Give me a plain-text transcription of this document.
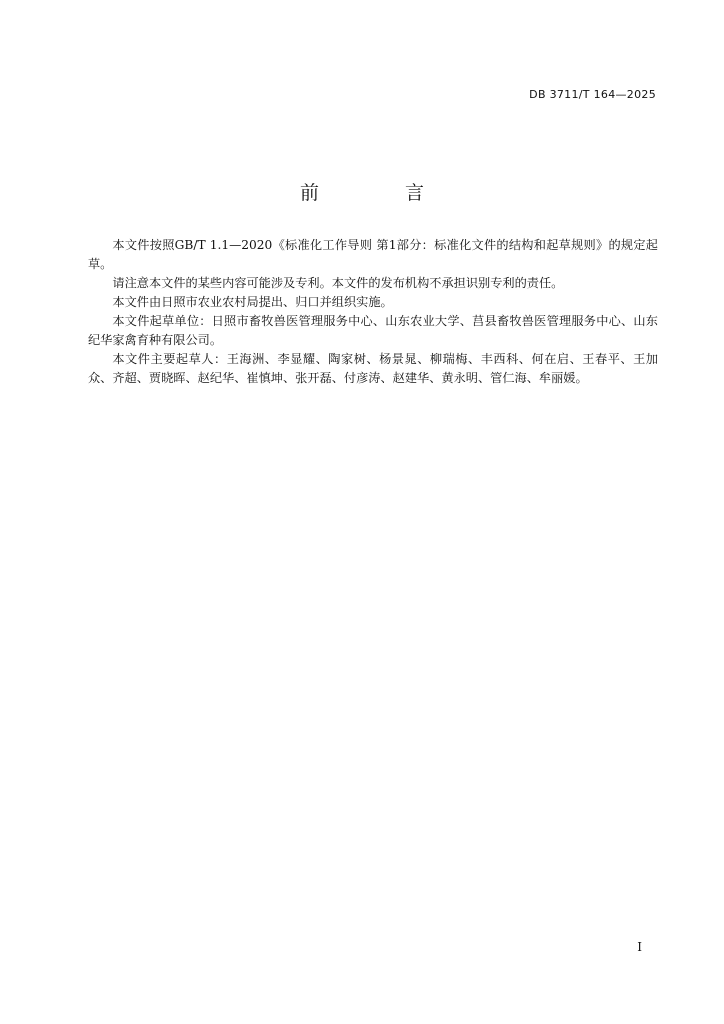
DB 3711/T 164—2025
前 言

本文件按照GB/T 1.1—2020《标准化工作导则 第1部分：标准化文件的结构和起草规则》的规定起草。

请注意本文件的某些内容可能涉及专利。本文件的发布机构不承担识别专利的责任。

本文件由日照市农业农村局提出、归口并组织实施。

本文件起草单位：日照市畜牧兽医管理服务中心、山东农业大学、莒县畜牧兽医管理服务中心、山东纪华家禽育种有限公司。

本文件主要起草人：王海洲、李显耀、陶家树、杨景晁、柳瑞梅、丰西科、何在启、王春平、王加众、齐超、贾晓晖、赵纪华、崔慎坤、张开磊、付彦涛、赵建华、黄永明、管仁海、牟丽媛。

I
